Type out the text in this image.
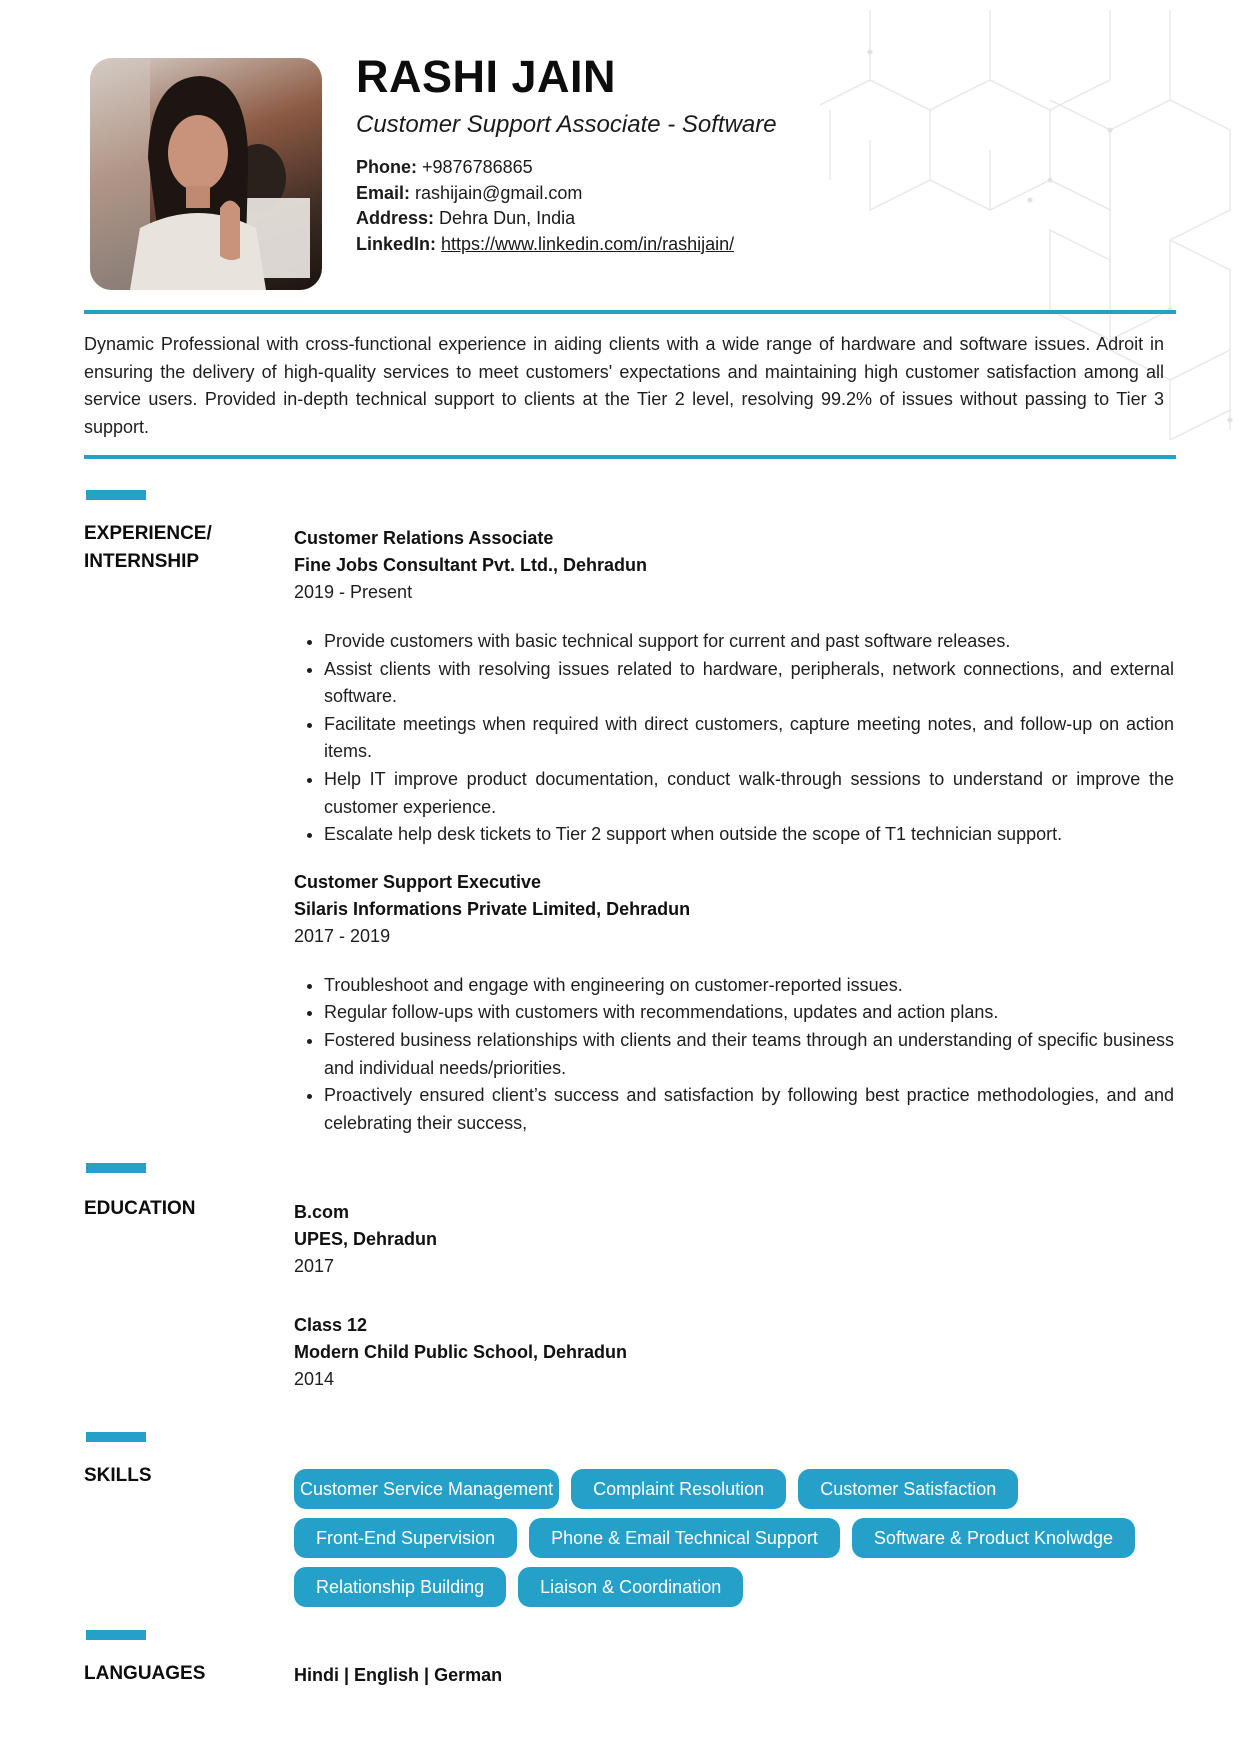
RASHI JAIN
Customer Support Associate - Software
Phone: +9876786865
Email: rashijain@gmail.com
Address: Dehra Dun, India
LinkedIn: https://www.linkedin.com/in/rashijain/

Dynamic Professional with cross-functional experience in aiding clients with a wide range of hardware and software issues. Adroit in ensuring the delivery of high-quality services to meet customers' expectations and maintaining high customer satisfaction among all service users. Provided in-depth technical support to clients at the Tier 2 level, resolving 99.2% of issues without passing to Tier 3 support.

EXPERIENCE/
INTERNSHIP
Customer Relations Associate
Fine Jobs Consultant Pvt. Ltd., Dehradun
2019 - Present
• Provide customers with basic technical support for current and past software releases.
• Assist clients with resolving issues related to hardware, peripherals, network connections, and external software.
• Facilitate meetings when required with direct customers, capture meeting notes, and follow-up on action items.
• Help IT improve product documentation, conduct walk-through sessions to understand or improve the customer experience.
• Escalate help desk tickets to Tier 2 support when outside the scope of T1 technician support.
Customer Support Executive
Silaris Informations Private Limited, Dehradun
2017 - 2019
• Troubleshoot and engage with engineering on customer-reported issues.
• Regular follow-ups with customers with recommendations, updates and action plans.
• Fostered business relationships with clients and their teams through an understanding of specific business and individual needs/priorities.
• Proactively ensured client’s success and satisfaction by following best practice methodologies, and and celebrating their success,
EDUCATION	B.com
UPES, Dehradun
2017
Class 12
Modern Child Public School, Dehradun
2014
SKILLS
Customer Service Management	Complaint Resolution	Customer Satisfaction
Front-End Supervision	Phone & Email Technical Support	Software & Product Knolwdge
Relationship Building	Liaison & Coordination
LANGUAGES	Hindi | English | German
